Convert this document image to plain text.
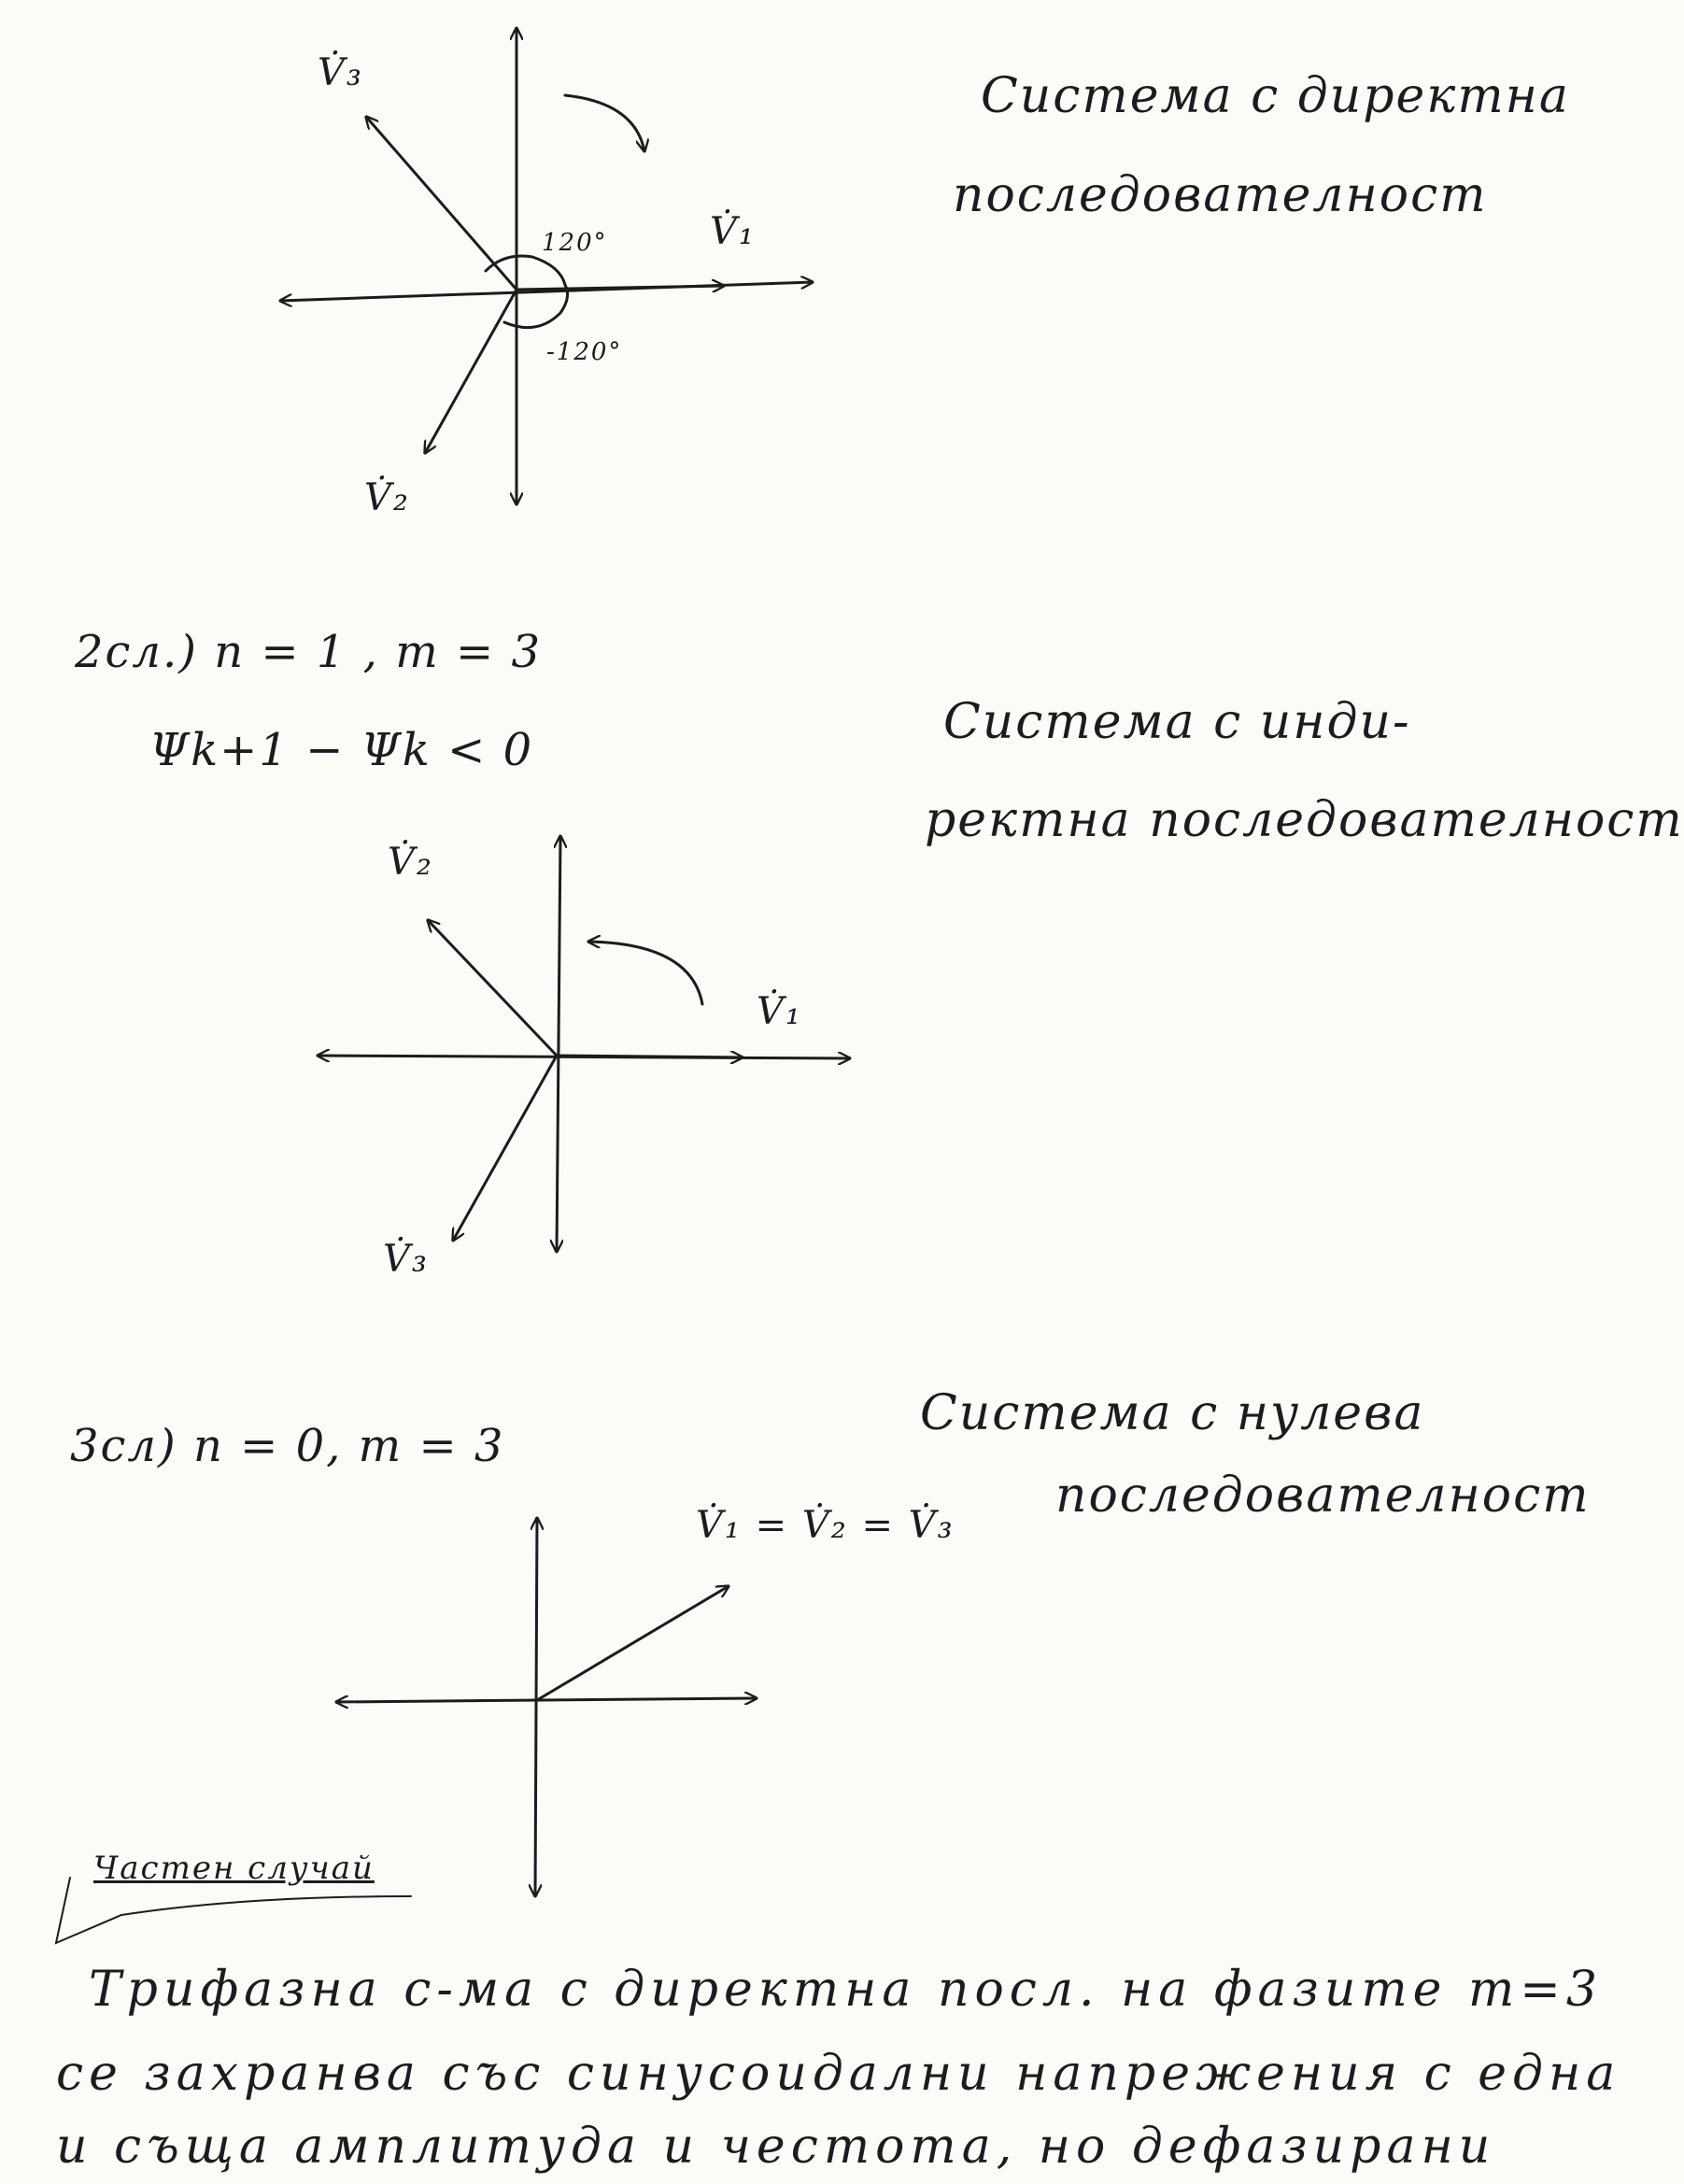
Система с директна
последователност
V̇₁
V̇₂
V̇₃
120°
-120°
2сл.) n = 1 , m = 3
Ψk+1 − Ψk < 0	Система с инди-
ректна последователност
V̇₁
V̇₂
V̇₃
3сл) n = 0, m = 3
Система с нулева
последователност
V̇₁ = V̇₂ = V̇₃
Частен случай
Трифазна с-ма с директна посл. на фазите m=3
се захранва със синусоидални напрежения с една
и съща амплитуда и честота, но дефазирани
